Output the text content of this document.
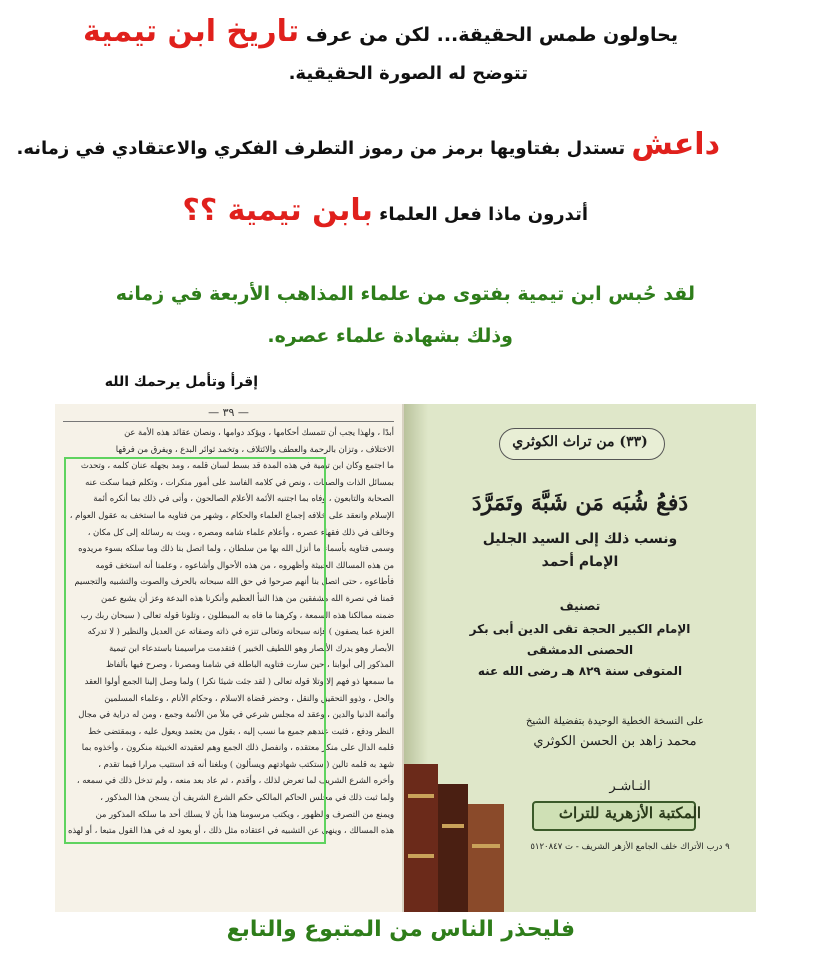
يحاولون طمس الحقيقة... لكن من عرف تاريخ ابن تيمية
تتوضح له الصورة الحقيقية.
داعش تستدل بفتاويها برمز من رموز التطرف الفكري والاعتقادي في زمانه.
أتدرون ماذا فعل العلماء بابن تيمية ؟؟
لقد حُبس ابن تيمية بفتوى من علماء المذاهب الأربعة في زمانه
وذلك بشهادة علماء عصره.
إقرأ وتأمل يرحمك الله
— ٣٩ —
أبدًا ، ولهذا يجب أن تتمسك أحكامها ، ويؤكد دوامها ، ونصان عقائد هذه الأمة عن
الاختلاف ، وتزان بالرحمة والعطف والائتلاف ، وتخمد ثوائر البدع ، ويفرق من فرقها
ما اجتمع وكان ابن تيمية في هذه المدة قد بسط لسان قلمه ، ومد بجهله عنان كلمه ، وتحدث
بمسائل الذات والصفات ، ونص في كلامه الفاسد على أمور منكرات ، وتكلم فيما سكت عنه
الصحابة والتابعون ، وفاه بما اجتنبه الأئمة الأعلام الصالحون ، وأتى في ذلك بما أنكره أئمة
الإسلام وانعقد على خلافه إجماع العلماء والحكام ، وشهر من فتاويه ما استخف به عقول العوام ،
وخالف في ذلك فقهاء عصره ، وأعلام علماء شامه ومصره ، وبث به رسائله إلى كل مكان ،
وسمى فتاويه بأسماء ما أنزل الله بها من سلطان ، ولما اتصل بنا ذلك وما سلكه بسوء مريدوه
من هذه المسالك الخبيثة وأظهروه ، من هذه الأحوال وأشاعوه ، وعلمنا أنه استخف قومه
فأطاعوه ، حتى اتصل بنا أنهم صرحوا في حق الله سبحانه بالحرف والصوت والتشبيه والتجسيم
قمنا في نصرة الله مشفقين من هذا النبأ العظيم وأنكرنا هذه البدعة وعز أن يشيع عمن
ضمنه ممالكنا هذه السمعة ، وكرهنا ما فاه به المبطلون ، وتلونا قوله تعالى ( سبحان ربك رب
العزة عما يصفون ) فإنه سبحانه وتعالى تنزه في ذاته وصفاته عن العديل والنظير ( لا تدركه
الأبصار وهو يدرك الأبصار وهو اللطيف الخبير ) فتقدمت مراسيمنا باستدعاء ابن تيمية
المذكور إلى أبوابنا ، حين سارت فتاويه الباطلة في شامنا ومصرنا ، وصرح فيها بألفاظ
ما سمعها ذو فهم إلا وتلا قوله تعالى ( لقد جئت شيئا نكرا ) ولما وصل إلينا الجمع أولوا العقد
والحل ، وذوو التحقيق والنقل ، وحضر قضاة الاسلام ، وحكام الأنام ، وعلماء المسلمين
وأئمة الدنيا والدين ، وعقد له مجلس شرعي في ملأ من الأئمة وجمع ، ومن له دراية في مجال
النظر ودفع ، فثبت عندهم جميع ما نسب إليه ، بقول من يعتمد ويعول عليه ، وبمقتضى خط
قلمه الدال على منكر معتقده ، وانفصل ذلك الجمع وهم لعقيدته الخبيثة منكرون ، وأخذوه بما
شهد به قلمه تالين ( ستكتب شهادتهم ويسألون ) وبلغنا أنه قد استتيب مرارا فيما تقدم ،
وأخره الشرع الشريف لما تعرض لذلك ، وأقدم ، ثم عاد بعد منعه ، ولم تدخل ذلك في سمعه ،
ولما ثبت ذلك في مجلس الحاكم المالكي حكم الشرع الشريف أن يسجن هذا المذكور ،
ويمنع من التصرف والظهور ، ويكتب مرسومنا هذا بأن لا يسلك أحد ما سلكه المذكور من
هذه المسالك ، وينهى عن التشبيه في اعتقاده مثل ذلك ، أو يعود له في هذا القول متبعا ، أو لهذه
(٣٣) من تراث الكوثري
دَفعُ شُبَه مَن شَبَّهَ وتَمَرَّدَ
ونسب ذلك إلى السيد الجليل
الإمام أحمد
تصنيف
الإمام الكبير الحجة تقى الدين أبى بكر
الحصنى الدمشقى
المتوفى سنة ٨٢٩ هـ رضى الله عنه
على النسخة الخطية الوحيدة بتفضيلة الشيخ
محمد زاهد بن الحسن الكوثري
النـاشـر
المكتبة الأزهرية للتراث
٩ درب الأتراك خلف الجامع الأزهر الشريف - ت ٥١٢٠٨٤٧
فليحذر الناس من المتبوع والتابع
